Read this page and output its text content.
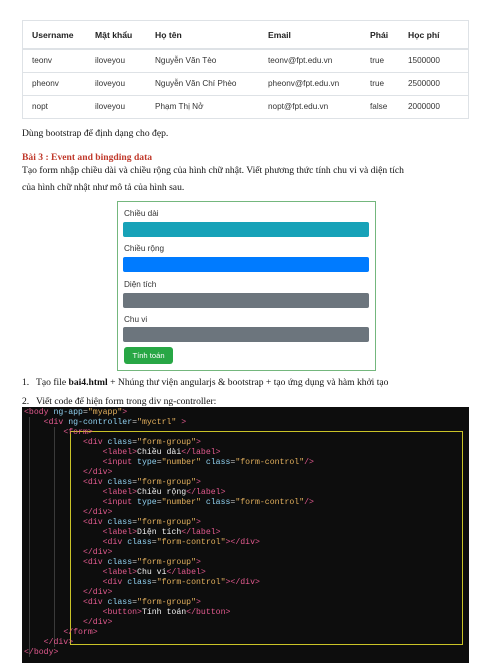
Username	Mật khẩu	Họ tên	Email	Phái	Học phí
teonv	iloveyou	Nguyễn Văn Tèo	teonv@fpt.edu.vn	true	1500000
pheonv	iloveyou	Nguyễn Văn Chí Phèo	pheonv@fpt.edu.vn	true	2500000
nopt	iloveyou	Phạm Thị Nở	nopt@fpt.edu.vn	false	2000000
Dùng bootstrap để định dạng cho đẹp.
Bài 3 : Event and bingding data
Tạo form nhập chiều dài và chiều rộng của hình chữ nhật. Viết phương thức tính chu vi và diện tích
của hình chữ nhật như mô tả của hình sau.
Chiều dài
Chiều rộng
Diện tích
Chu vi
Tính toán
1. Tạo file bai4.html + Nhúng thư viện angularjs & bootstrap + tạo ứng dụng và hàm khởi tạo
2. Viết code để hiện form trong div ng-controller:
<body ng-app="myapp">
<div ng-controller="myctrl" >
<form>
<div class="form-group">
<label>Chiều dài</label>
<input type="number" class="form-control"/>
</div>
<div class="form-group">
<label>Chiều rộng</label>
<input type="number" class="form-control"/>
</div>
<div class="form-group">
<label>Diện tích</label>
<div class="form-control"></div>
</div>
<div class="form-group">
<label>Chu vi</label>
<div class="form-control"></div>
</div>
<div class="form-group">
<button>Tính toán</button>
</div>
</form>
</div>
</body>
